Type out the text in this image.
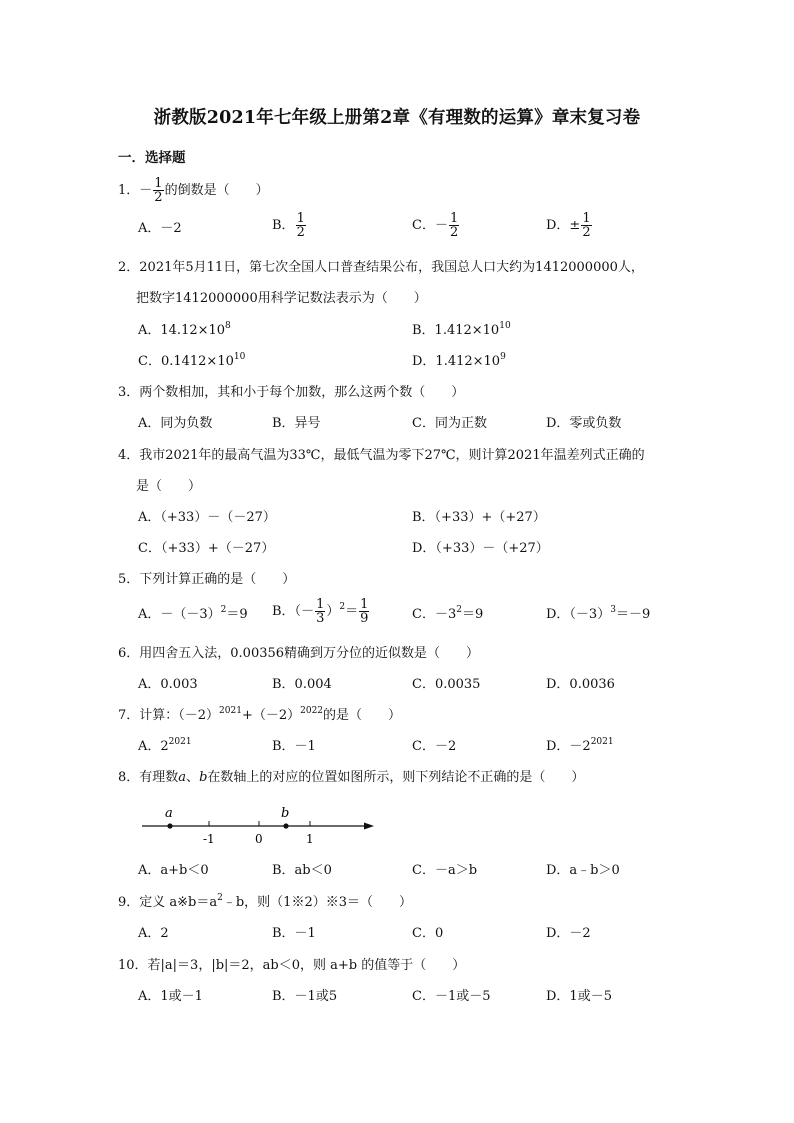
浙教版2021年七年级上册第2章《有理数的运算》章末复习卷
一．选择题
1．－ $\frac{1}{2}$ 的倒数是（　　）
A．－2	B． $\frac{1}{2}$	C．－ $\frac{1}{2}$	D．± $\frac{1}{2}$
2．2021年5月11日，第七次全国人口普查结果公布，我国总人口大约为1412000000人，
把数字1412000000用科学记数法表示为（　　）
A．$14.12\times 10^8$	B．$1.412\times 10^{10}$
C．$0.1412\times 10^{10}$	D．$1.412\times 10^9$
3．两个数相加，其和小于每个加数，那么这两个数（　　）
A．同为负数	B．异号	C．同为正数	D．零或负数
4．我市2021年的最高气温为33℃，最低气温为零下27℃，则计算2021年温差列式正确的
是（　　）
A．（+33）－（－27）	B．（+33）+（+27）
C．（+33）+（－27）	D．（+33）－（+27）
5．下列计算正确的是（　　）
A．$-(-3)^2=9$ B．（－ $\frac{1}{3} )^2= \frac{1}{9}$	C．$-3^2=9$	D．$(-3)^3=-9$
6．用四舍五入法，0.00356精确到万分位的近似数是（　　）
A．0.003	B．0.004	C．0.0035	D．0.0036
7．计算：$(-2)^{2021}+(-2)^{2022}$的是（　　）
A．$2^{2021}$	B．－1	C．－2	D．$-2^{2021}$
8．有理数a、b在数轴上的对应的位置如图所示，则下列结论不正确的是（　　）
a	b
-1	0	1
A．a+b＜0	B．ab＜0	C．－a＞b	D．a﹣b＞0
9．定义 $a※b=a^2﹣b$，则（1※2）※3＝（　　）
A．2	B．－1	C．0	D．－2
10．若|a|＝3，|b|＝2，ab＜0，则 a+b 的值等于（　　）
A．1或－1	B．－1或5	C．－1或－5	D．1或－5
